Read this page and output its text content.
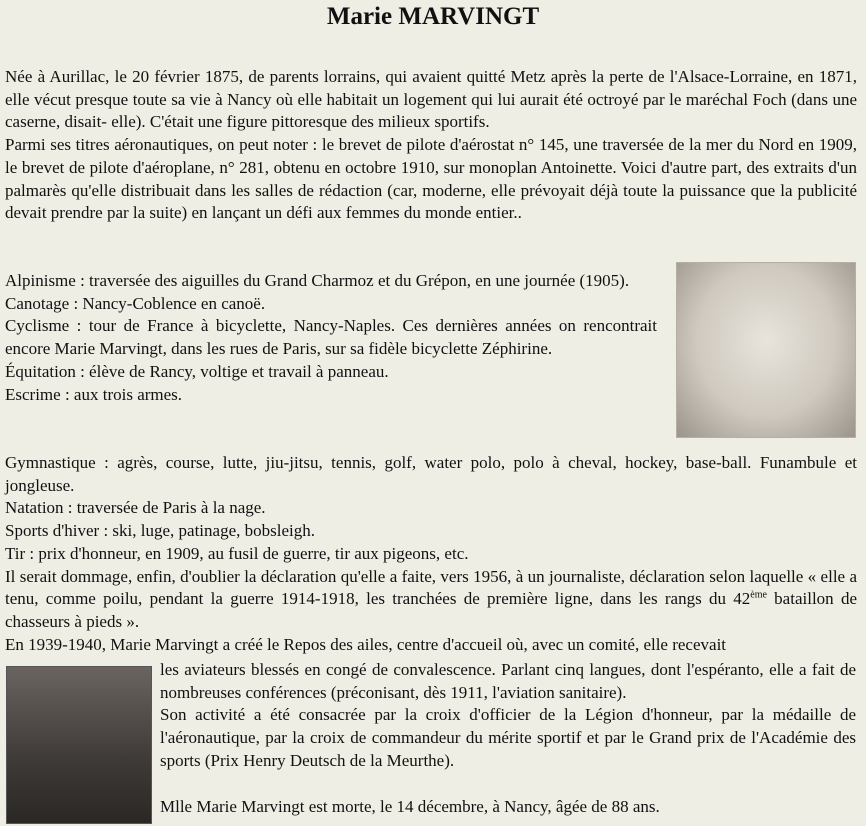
Marie MARVINGT

Née à Aurillac, le 20 février 1875, de parents lorrains, qui avaient quitté Metz après la perte de l'Alsace-Lorraine, en 1871, elle vécut presque toute sa vie à Nancy où elle habitait un logement qui lui aurait été octroyé par le maréchal Foch (dans une caserne, disait- elle). C'était une figure pittoresque des milieux sportifs.

Parmi ses titres aéronautiques, on peut noter : le brevet de pilote d'aérostat n° 145, une traversée de la mer du Nord en 1909, le brevet de pilote d'aéroplane, n° 281, obtenu en octobre 1910, sur monoplan Antoinette. Voici d'autre part, des extraits d'un palmarès qu'elle distribuait dans les salles de rédaction (car, moderne, elle prévoyait déjà toute la puissance que la publicité devait prendre par la suite) en lançant un défi aux femmes du monde entier..

Alpinisme : traversée des aiguilles du Grand Charmoz et du Grépon, en une journée (1905).

Canotage : Nancy-Coblence en canoë.

Cyclisme : tour de France à bicyclette, Nancy-Naples. Ces dernières années on rencontrait encore Marie Marvingt, dans les rues de Paris, sur sa fidèle bicyclette Zéphirine.

Équitation : élève de Rancy, voltige et travail à panneau.

Escrime : aux trois armes.

Gymnastique : agrès, course, lutte, jiu-jitsu, tennis, golf, water polo, polo à cheval, hockey, base-ball. Funambule et jongleuse.

Natation : traversée de Paris à la nage.

Sports d'hiver : ski, luge, patinage, bobsleigh.

Tir : prix d'honneur, en 1909, au fusil de guerre, tir aux pigeons, etc.

Il serait dommage, enfin, d'oublier la déclaration qu'elle a faite, vers 1956, à un journaliste, déclaration selon laquelle « elle a tenu, comme poilu, pendant la guerre 1914-1918, les tranchées de première ligne, dans les rangs du 42ème bataillon de chasseurs à pieds ».

En 1939-1940, Marie Marvingt a créé le Repos des ailes, centre d'accueil où, avec un comité, elle recevait

les aviateurs blessés en congé de convalescence. Parlant cinq langues, dont l'espéranto, elle a fait de nombreuses conférences (préconisant, dès 1911, l'aviation sanitaire).

Son activité a été consacrée par la croix d'officier de la Légion d'honneur, par la médaille de l'aéronautique, par la croix de commandeur du mérite sportif et par le Grand prix de l'Académie des sports (Prix Henry Deutsch de la Meurthe).

Mlle Marie Marvingt est morte, le 14 décembre, à Nancy, âgée de 88 ans.
